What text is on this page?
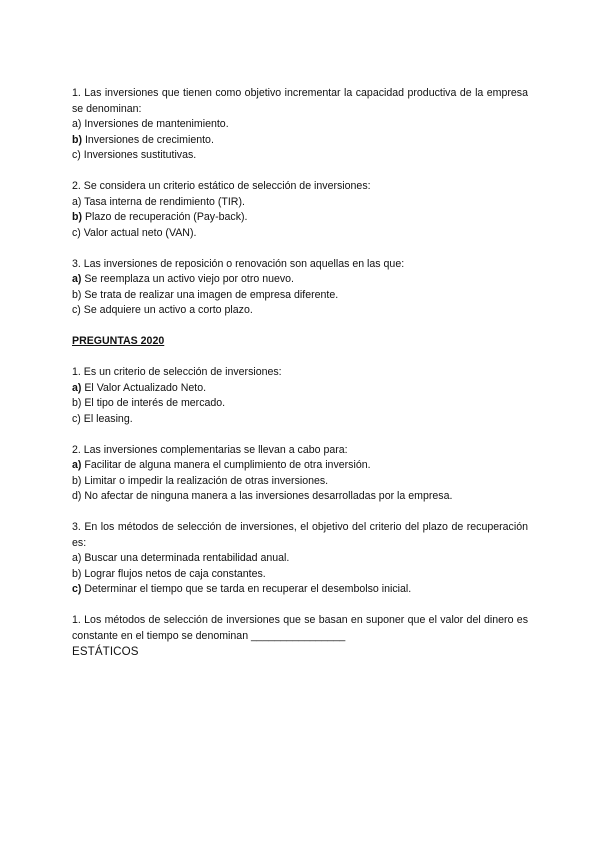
1. Las inversiones que tienen como objetivo incrementar la capacidad productiva de la empresa se denominan:
a) Inversiones de mantenimiento.
b) Inversiones de crecimiento.
c) Inversiones sustitutivas.
2. Se considera un criterio estático de selección de inversiones:
a) Tasa interna de rendimiento (TIR).
b) Plazo de recuperación (Pay-back).
c) Valor actual neto (VAN).
3. Las inversiones de reposición o renovación son aquellas en las que:
a) Se reemplaza un activo viejo por otro nuevo.
b) Se trata de realizar una imagen de empresa diferente.
c) Se adquiere un activo a corto plazo.
PREGUNTAS 2020
1. Es un criterio de selección de inversiones:
a) El Valor Actualizado Neto.
b) El tipo de interés de mercado.
c) El leasing.
2. Las inversiones complementarias se llevan a cabo para:
a) Facilitar de alguna manera el cumplimiento de otra inversión.
b) Limitar o impedir la realización de otras inversiones.
d) No afectar de ninguna manera a las inversiones desarrolladas por la empresa.
3. En los métodos de selección de inversiones, el objetivo del criterio del plazo de recuperación es:
a) Buscar una determinada rentabilidad anual.
b) Lograr flujos netos de caja constantes.
c) Determinar el tiempo que se tarda en recuperar el desembolso inicial.
1. Los métodos de selección de inversiones que se basan en suponer que el valor del dinero es constante en el tiempo se denominan ________________
ESTÁTICOS
